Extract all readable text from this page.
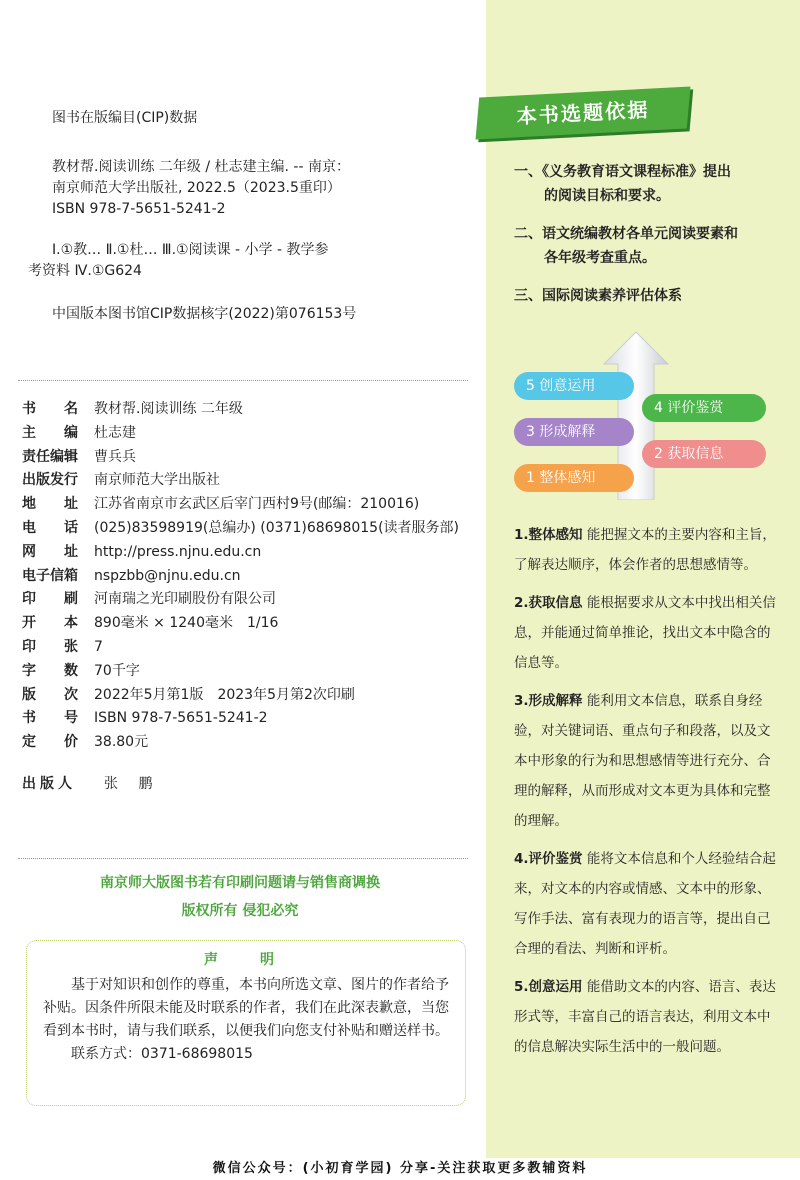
图书在版编目(CIP)数据
教材帮.阅读训练 二年级 / 杜志建主编. -- 南京：
南京师范大学出版社, 2022.5（2023.5重印）
ISBN 978-7-5651-5241-2
Ⅰ.①教… Ⅱ.①杜… Ⅲ.①阅读课 - 小学 - 教学参
考资料 Ⅳ.①G624
中国版本图书馆CIP数据核字(2022)第076153号
书　　名	教材帮.阅读训练 二年级
主　　编	杜志建
责任编辑	曹兵兵
出版发行	南京师范大学出版社
地　　址	江苏省南京市玄武区后宰门西村9号(邮编：210016)
电　　话	(025)83598919(总编办) (0371)68698015(读者服务部)
网　　址	http://press.njnu.edu.cn
电子信箱	nspzbb@njnu.edu.cn
印　　刷	河南瑞之光印刷股份有限公司
开　　本	890毫米 × 1240毫米　1/16
印　　张	7
字　　数	70千字
版　　次	2022年5月第1版　2023年5月第2次印刷
书　　号	ISBN 978-7-5651-5241-2
定　　价	38.80元
出版人	张 鹏
南京师大版图书若有印刷问题请与销售商调换
版权所有 侵犯必究
声　明
基于对知识和创作的尊重，本书向所选文章、图片的作者给予补贴。因条件所限未能及时联系的作者，我们在此深表歉意，当您看到本书时，请与我们联系，以便我们向您支付补贴和赠送样书。
联系方式：0371-68698015
本书选题依据
一、《义务教育语文课程标准》提出
的阅读目标和要求。
二、语文统编教材各单元阅读要素和
各年级考查重点。
三、国际阅读素养评估体系
5 创意运用
4 评价鉴赏
3 形成解释
2 获取信息
1 整体感知
1.整体感知 能把握文本的主要内容和主旨，了解表达顺序，体会作者的思想感情等。
2.获取信息 能根据要求从文本中找出相关信息，并能通过简单推论，找出文本中隐含的信息等。
3.形成解释 能利用文本信息，联系自身经验，对关键词语、重点句子和段落，以及文本中形象的行为和思想感情等进行充分、合理的解释，从而形成对文本更为具体和完整的理解。
4.评价鉴赏 能将文本信息和个人经验结合起来，对文本的内容或情感、文本中的形象、写作手法、富有表现力的语言等，提出自己合理的看法、判断和评析。
5.创意运用 能借助文本的内容、语言、表达形式等，丰富自己的语言表达，利用文本中的信息解决实际生活中的一般问题。
微信公众号：(小初育学园) 分享-关注获取更多教辅资料
